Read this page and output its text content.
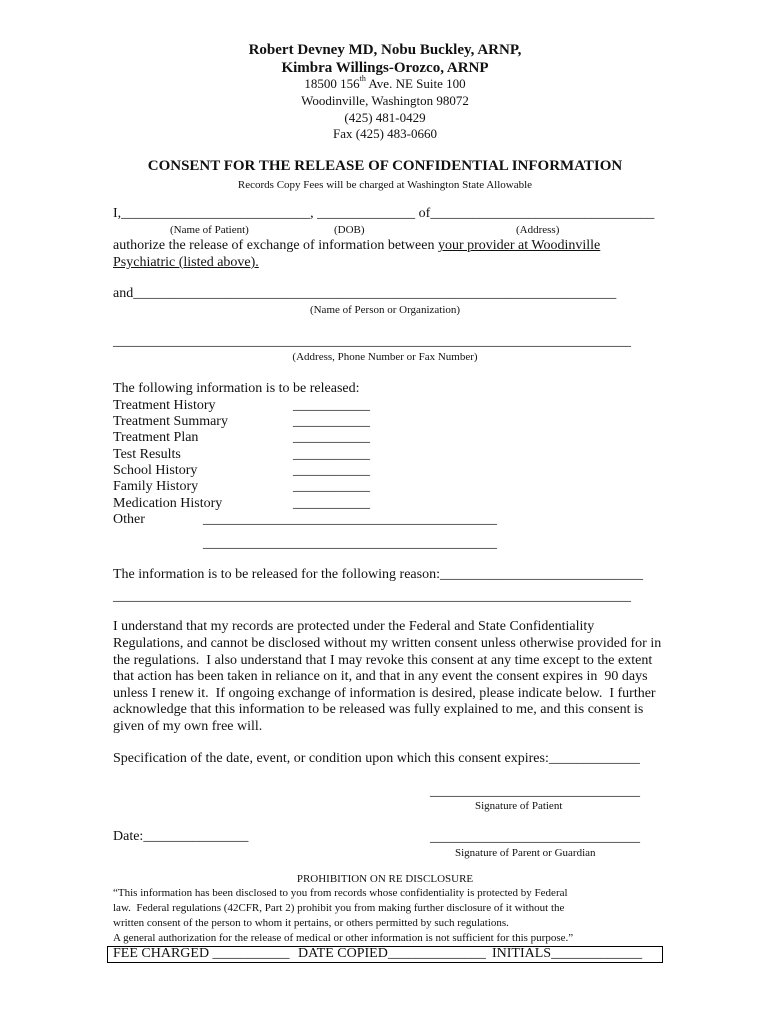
Robert Devney MD, Nobu Buckley, ARNP,
Kimbra Willings-Orozco, ARNP
18500 156th Ave. NE Suite 100
Woodinville, Washington 98072
(425) 481-0429
Fax (425) 483-0660
CONSENT FOR THE RELEASE OF CONFIDENTIAL INFORMATION
Records Copy Fees will be charged at Washington State Allowable
I,___________________________, ______________ of________________________________
(Name of Patient)	(DOB)	(Address)
authorize the release of exchange of information between your provider at Woodinville
Psychiatric (listed above).
and_____________________________________________________________________
(Name of Person or Organization)
__________________________________________________________________________
(Address, Phone Number or Fax Number)
The following information is to be released:
Treatment History	___________
Treatment Summary	___________
Treatment Plan	___________
Test Results	___________
School History	___________
Family History	___________
Medication History	___________
Other	__________________________________________
__________________________________________
The information is to be released for the following reason:_____________________________
__________________________________________________________________________
I understand that my records are protected under the Federal and State Confidentiality
Regulations, and cannot be disclosed without my written consent unless otherwise provided for in
the regulations.  I also understand that I may revoke this consent at any time except to the extent
that action has been taken in reliance on it, and that in any event the consent expires in  90 days
unless I renew it.  If ongoing exchange of information is desired, please indicate below.  I further
acknowledge that this information to be released was fully explained to me, and this consent is
given of my own free will.
Specification of the date, event, or condition upon which this consent expires:_____________
______________________________
Signature of Patient
Date:_______________	______________________________
Signature of Parent or Guardian
PROHIBITION ON RE DISCLOSURE
“This information has been disclosed to you from records whose confidentiality is protected by Federal
law.  Federal regulations (42CFR, Part 2) prohibit you from making further disclosure of it without the
written consent of the person to whom it pertains, or others permitted by such regulations.
A general authorization for the release of medical or other information is not sufficient for this purpose.”
FEE CHARGED ___________ DATE COPIED______________ INITIALS_____________
